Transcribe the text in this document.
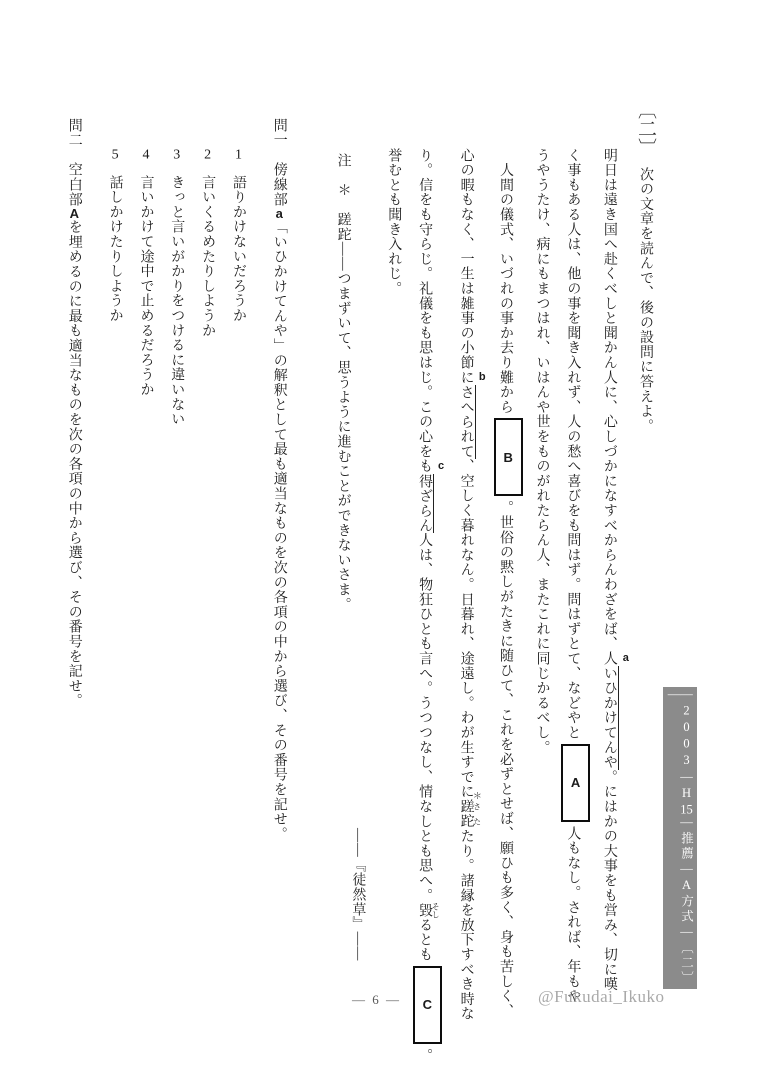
〔二〕次の文章を読んで、後の設問に答えよ。
明日は遠き国へ赴くべしと聞かん人に、心しづかになすべからんわざをば、人 a
いひかけてんや。にはかの大事をも営み、切に嘆
く事もある人は、他の事を聞き入れず、人の愁へ喜びをも問はず。問はずとて、などやと
A
人もなし。されば、年もや
うやうたけ、病にもまつはれ、いはんや世をものがれたらん人、またこれに同じかるべし。
　人間の儀式、いづれの事か去り難から
B
。世俗の黙しがたきに随ひて、これを必ずとせば、願ひも多く、身も苦しく、
心の暇もなく、一生は雑事の小節に b
さへられて、空しく暮れなん。日暮れ、途遠し。わが生すでに ＊
蹉跎 さたたり。諸縁を放下すべき時な
り。信をも守らじ。礼儀をも思はじ。この心をも c
得ざらん人は、物狂ひとも言へ。うつつなし、情なしとも思へ。毀 そしるとも
C
。
誉むとも聞き入れじ。
――『徒然草』――
注　＊　蹉跎――つまずいて、思うように進むことができないさま。
問一　傍線部a「いひかけてんや」の解釈として最も適当なものを次の各項の中から選び、その番号を記せ。
1語りかけないだろうか
2言いくるめたりしようか
3きっと言いがかりをつけるに違いない
4言いかけて途中で止めるだろうか
5話しかけたりしようか
問二　空白部Aを埋めるのに最も適当なものを次の各項の中から選び、その番号を記せ。
―2003―H15―推薦―A方式―〔二〕―
— 6 —	@Fukudai_Ikuko
